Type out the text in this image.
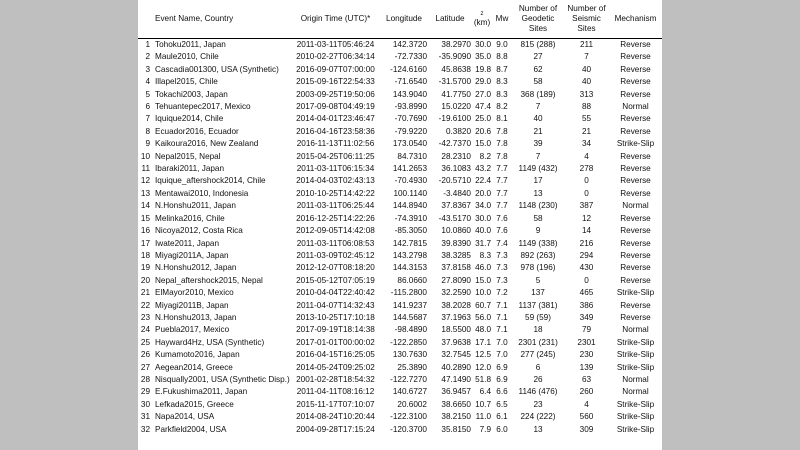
	Event Name, Country	Origin Time (UTC)*	Longitude	Latitude	z
(km)	Mw	Number of Geodetic Sites	Number of Seismic Sites	Mechanism
1	Tohoku2011, Japan	2011-03-11T05:46:24	142.3720	38.2970	30.0	9.0	815 (288)	211	Reverse
2	Maule2010, Chile	2010-02-27T06:34:14	-72.7330	-35.9090	35.0	8.8	27	7	Reverse
3	Cascadia001300, USA (Synthetic)	2016-09-07T07:00:00	-124.6160	45.8638	19.8	8.7	62	40	Reverse
4	Illapel2015, Chile	2015-09-16T22:54:33	-71.6540	-31.5700	29.0	8.3	58	40	Reverse
5	Tokachi2003, Japan	2003-09-25T19:50:06	143.9040	41.7750	27.0	8.3	368 (189)	313	Reverse
6	Tehuantepec2017, Mexico	2017-09-08T04:49:19	-93.8990	15.0220	47.4	8.2	7	88	Normal
7	Iquique2014, Chile	2014-04-01T23:46:47	-70.7690	-19.6100	25.0	8.1	40	55	Reverse
8	Ecuador2016, Ecuador	2016-04-16T23:58:36	-79.9220	0.3820	20.6	7.8	21	21	Reverse
9	Kaikoura2016, New Zealand	2016-11-13T11:02:56	173.0540	-42.7370	15.0	7.8	39	34	Strike-Slip
10	Nepal2015, Nepal	2015-04-25T06:11:25	84.7310	28.2310	8.2	7.8	7	4	Reverse
11	Ibaraki2011, Japan	2011-03-11T06:15:34	141.2653	36.1083	43.2	7.7	1149 (432)	278	Reverse
12	Iquique_aftershock2014, Chile	2014-04-03T02:43:13	-70.4930	-20.5710	22.4	7.7	17	0	Reverse
13	Mentawai2010, Indonesia	2010-10-25T14:42:22	100.1140	-3.4840	20.0	7.7	13	0	Reverse
14	N.Honshu2011, Japan	2011-03-11T06:25:44	144.8940	37.8367	34.0	7.7	1148 (230)	387	Normal
15	Melinka2016, Chile	2016-12-25T14:22:26	-74.3910	-43.5170	30.0	7.6	58	12	Reverse
16	Nicoya2012, Costa Rica	2012-09-05T14:42:08	-85.3050	10.0860	40.0	7.6	9	14	Reverse
17	Iwate2011, Japan	2011-03-11T06:08:53	142.7815	39.8390	31.7	7.4	1149 (338)	216	Reverse
18	Miyagi2011A, Japan	2011-03-09T02:45:12	143.2798	38.3285	8.3	7.3	892 (263)	294	Reverse
19	N.Honshu2012, Japan	2012-12-07T08:18:20	144.3153	37.8158	46.0	7.3	978 (196)	430	Reverse
20	Nepal_aftershock2015, Nepal	2015-05-12T07:05:19	86.0660	27.8090	15.0	7.3	5	0	Reverse
21	ElMayor2010, Mexico	2010-04-04T22:40:42	-115.2800	32.2590	10.0	7.2	137	465	Strike-Slip
22	Miyagi2011B, Japan	2011-04-07T14:32:43	141.9237	38.2028	60.7	7.1	1137 (381)	386	Reverse
23	N.Honshu2013, Japan	2013-10-25T17:10:18	144.5687	37.1963	56.0	7.1	59 (59)	349	Reverse
24	Puebla2017, Mexico	2017-09-19T18:14:38	-98.4890	18.5500	48.0	7.1	18	79	Normal
25	Hayward4Hz, USA (Synthetic)	2017-01-01T00:00:02	-122.2850	37.9638	17.1	7.0	2301 (231)	2301	Strike-Slip
26	Kumamoto2016, Japan	2016-04-15T16:25:05	130.7630	32.7545	12.5	7.0	277 (245)	230	Strike-Slip
27	Aegean2014, Greece	2014-05-24T09:25:02	25.3890	40.2890	12.0	6.9	6	139	Strike-Slip
28	Nisqually2001, USA (Synthetic Disp.)	2001-02-28T18:54:32	-122.7270	47.1490	51.8	6.9	26	63	Normal
29	E.Fukushima2011, Japan	2011-04-11T08:16:12	140.6727	36.9457	6.4	6.6	1146 (476)	260	Normal
30	Lefkada2015, Greece	2015-11-17T07:10:07	20.6002	38.6650	10.7	6.5	23	4	Strike-Slip
31	Napa2014, USA	2014-08-24T10:20:44	-122.3100	38.2150	11.0	6.1	224 (222)	560	Strike-Slip
32	Parkfield2004, USA	2004-09-28T17:15:24	-120.3700	35.8150	7.9	6.0	13	309	Strike-Slip
